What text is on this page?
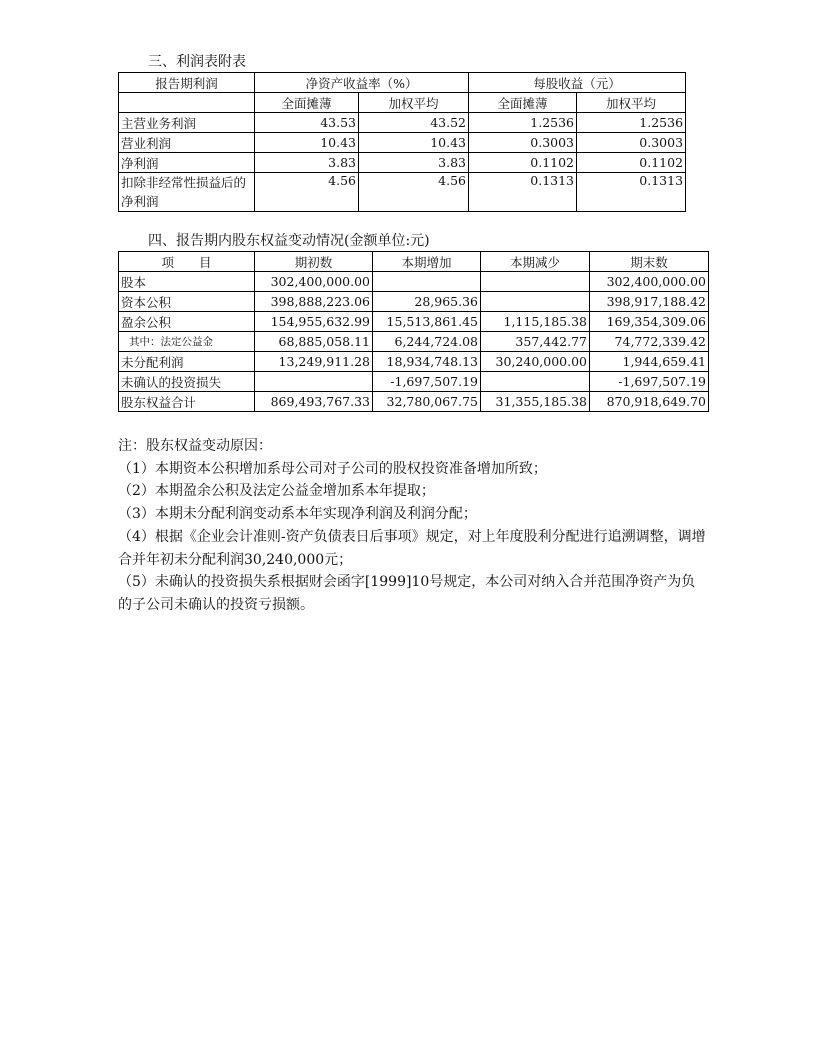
三、利润表附表
报告期利润	净资产收益率（%）		每股收益（元）	
	全面摊薄	加权平均	全面摊薄	加权平均
主营业务利润	43.53	43.52	1.2536	1.2536
营业利润	10.43	10.43	0.3003	0.3003
净利润	3.83	3.83	0.1102	0.1102
扣除非经常性损益后的净利润	4.56	4.56	0.1313	0.1313
四、报告期内股东权益变动情况(金额单位:元)
项　　目	期初数	本期增加	本期减少	期末数
股本	302,400,000.00			302,400,000.00
资本公积	398,888,223.06	28,965.36		398,917,188.42
盈余公积	154,955,632.99	15,513,861.45	1,115,185.38	169,354,309.06
其中：法定公益金	68,885,058.11	6,244,724.08	357,442.77	74,772,339.42
未分配利润	13,249,911.28	18,934,748.13	30,240,000.00	1,944,659.41
未确认的投资损失		-1,697,507.19		-1,697,507.19
股东权益合计	869,493,767.33	32,780,067.75	31,355,185.38	870,918,649.70

注：股东权益变动原因：

（1）本期资本公积增加系母公司对子公司的股权投资准备增加所致；

（2）本期盈余公积及法定公益金增加系本年提取；

（3）本期未分配利润变动系本年实现净利润及利润分配；

（4）根据《企业会计准则-资产负债表日后事项》规定，对上年度股利分配进行追溯调整，调增合并年初未分配利润30,240,000元；

（5）未确认的投资损失系根据财会函字[1999]10号规定，本公司对纳入合并范围净资产为负的子公司未确认的投资亏损额。
